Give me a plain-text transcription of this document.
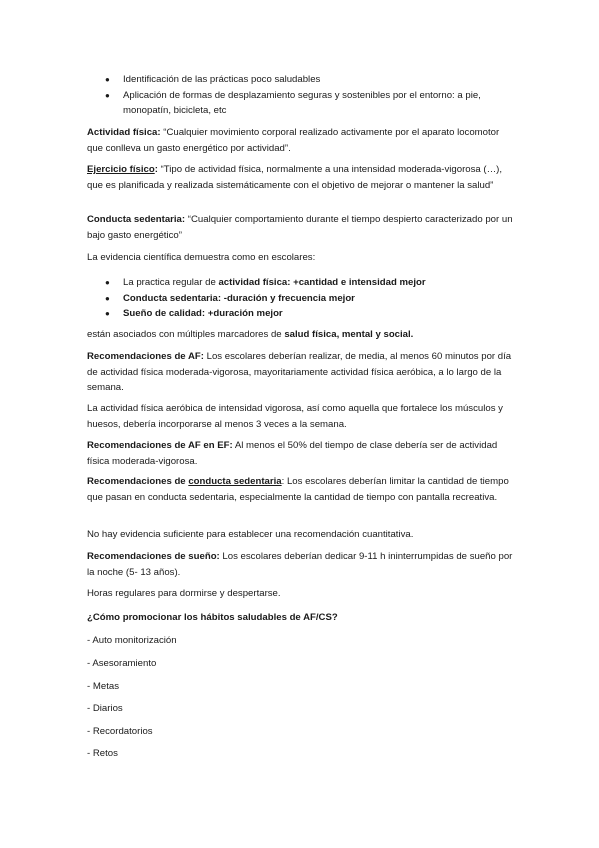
● Identificación de las prácticas poco saludables
● Aplicación de formas de desplazamiento seguras y sostenibles por el entorno: a pie, monopatín, bicicleta, etc

Actividad física: “Cualquier movimiento corporal realizado activamente por el aparato locomotor que conlleva un gasto energético por actividad”.

Ejercicio físico: “Tipo de actividad física, normalmente a una intensidad moderada-vigorosa (…), que es planificada y realizada sistemáticamente con el objetivo de mejorar o mantener la salud”

Conducta sedentaria: “Cualquier comportamiento durante el tiempo despierto caracterizado por un bajo gasto energético”

La evidencia científica demuestra como en escolares:

● La practica regular de actividad física: +cantidad e intensidad mejor
● Conducta sedentaria: -duración y frecuencia mejor
● Sueño de calidad: +duración mejor

están asociados con múltiples marcadores de salud física, mental y social.

Recomendaciones de AF: Los escolares deberían realizar, de media, al menos 60 minutos por día de actividad física moderada-vigorosa, mayoritariamente actividad física aeróbica, a lo largo de la semana.

La actividad física aeróbica de intensidad vigorosa, así como aquella que fortalece los músculos y huesos, debería incorporarse al menos 3 veces a la semana.

Recomendaciones de AF en EF: Al menos el 50% del tiempo de clase debería ser de actividad física moderada-vigorosa.

Recomendaciones de conducta sedentaria: Los escolares deberían limitar la cantidad de tiempo que pasan en conducta sedentaria, especialmente la cantidad de tiempo con pantalla recreativa.

No hay evidencia suficiente para establecer una recomendación cuantitativa.

Recomendaciones de sueño: Los escolares deberían dedicar 9-11 h ininterrumpidas de sueño por la noche (5- 13 años).

Horas regulares para dormirse y despertarse.

¿Cómo promocionar los hábitos saludables de AF/CS?

- Auto monitorización

- Asesoramiento

- Metas

- Diarios

- Recordatorios

- Retos
